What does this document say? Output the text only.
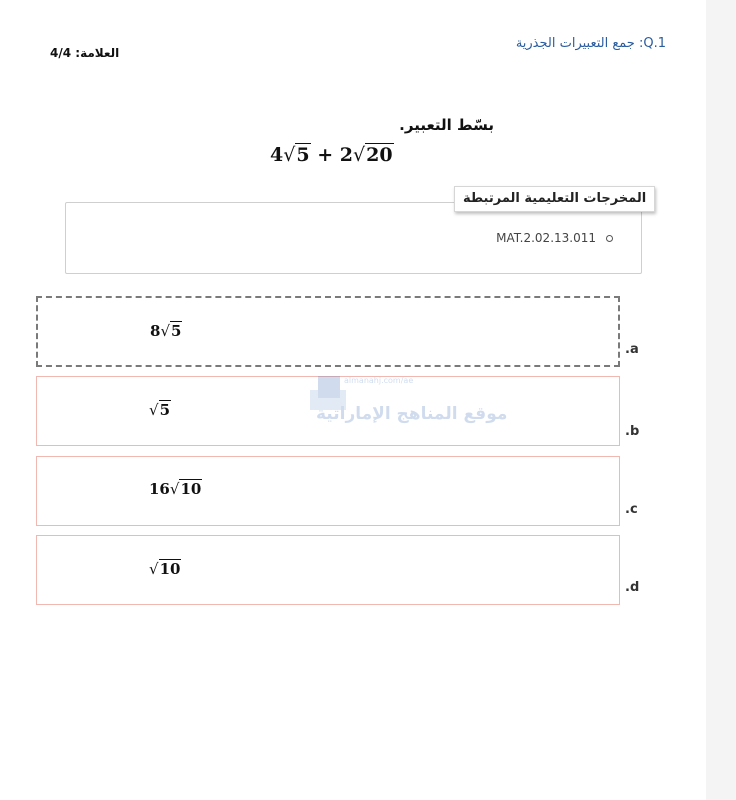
Q.1: جمع التعبيرات الجذرية
العلامة: 4/4
بسّط التعبير.
4√5 + 2√20
MAT.2.02.13.011
المخرجات التعليمية المرتبطة
8√5
.a
√5
.b
16√10
.c
√10
.d
almanahj.com/ae
موقع المناهج الإماراتية
